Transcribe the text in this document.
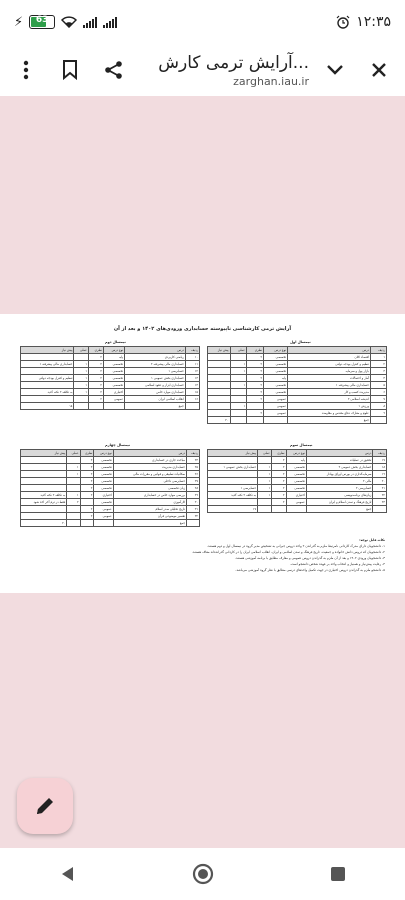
⚡	63	۱۲:۳۵
آرایش ترمی کارش...
zarghan.iau.ir
آرایش ترمی کارشناسی ناپیوسته حسابداری ورودی‌های ۱۴۰۲ و بعد از آن
نیمسال اول
ردیف	درس	نوع درس	نظری	عملی	پیش نیاز
۱	اقتصاد کلان	تخصصی	۲		
۲	تنظیم و کنترل بودجه دولتی	تخصصی	۲	۱	
۳	بازار پول و سرمایه	تخصصی	۲	۱	
۴	آمار و احتمالات	پایه	۲		
۵	حسابداری مالی پیشرفته ۱	تخصصی	۲	۱	
۶	مدیریت کسب و کار	تخصصی	۲		
۷	اندیشه اسلامی ۲	عمومی	۲		
۸	ورزش ۱	عمومی		۱	
۹	علوم و معارف دفاع مقدس و مقاومت	عمومی	۲		
	جمع				۲۰
نیمسال دوم
ردیف	درس	نوع درس	نظری	عملی	پیش نیاز
۱۰	ریاضی کاربردی	پایه	۲		
۱۱	حسابداری مالی پیشرفته ۲	تخصصی	۲	۱	حسابداری مالی پیشرفته ۱
۱۲	حسابرسی ۱	تخصصی	۲	۱	
۱۳	حسابداری بخش عمومی ۱	تخصصی	۲	۱	تنظیم و کنترل بودجه دولتی
۱۴	حسابداری ابزار و عقود اسلامی	تخصصی	۲	۱	
۱۵	حسابداری موارد خاص	اختیاری	۲	۱	به تکلفه ۲ نکته گذید
۱۶	انقلاب اسلامی ایران	عمومی	۲		
	جمع				۱۸
نیمسال سوم
ردیف	درس	نوع درس	نظری	عملی	پیش نیاز
۱۷	تحقیق در عملیات	پایه	۲		
۱۸	حسابداری بخش عمومی ۲	تخصصی	۲	۱	حسابداری بخش عمومی ۱
۱۹	سرمایه‌گذاری در بورس اوراق بهادار	تخصصی	۲	۱	
۲۰	مالی ۲	تخصصی	۲	۱	
۲۱	حسابرسی ۲	تخصصی	۲	۱	حسابرسی ۱
۲۲	زبان‌های برنامه‌نویسی	اختیاری	۲	۱	به تکلفه ۲ نکته گذید
۲۳	تاریخ فرهنگ و تمدن اسلام و ایران	عمومی	۲		
	جمع				۱۷
نیمسال چهارم
ردیف	درس	نوع درس	نظری	عملی	پیش نیاز
۲۴	مباحث جاری در حسابداری	تخصصی	۲		
۲۵	حسابداری مدیریت	تخصصی	۲	۱	
۲۶	سکانیات تطبیقی و قوانین و مقررات مالی	تخصصی	۲	۱	
۲۷	حسابرسی داخلی	تخصصی	۲		
۲۸	زبان تخصصی	تخصصی	۲		
۲۹	بررسی موارد خاص در حسابداری	اختیاری	۲	۱	به تکلفه ۲ نکته گذید
۳۰	کارآموزی	تخصصی		۲	فقط در ترم آخر اخذ شود
۳۱	تاریخ تحلیلی صدر اسلام	عمومی	۲		
۳۲	تفسیر موضوعی قرآن	عمومی	۲		
	جمع				۲۰
نکات قابل توجه:
۱- دانشجویان دارای مدرک کاردانی نامرتبط ملزم به گذراندن ۲ واحد دروس جبرانی به تشخیص مدیر گروه در نیمسال اول و دوم هستند.
۲- دانشجویان که دروس دانش خانواده و جمعیت، تاریخ فرهنگ و تمدن اسلامی و ایران، انقلاب اسلامی ایران را در کاردانی گذرانده‌اند معاف هستند.
۳- دانشجویان ورودی ۱۴۰۲ و بعد از آن ملزم به گذراندن دروس عمومی و معارف مطابق با برنامه آموزشی هستند.
۴- رعایت پیش‌نیاز و همنیاز و انتخاب واحد بر عهده شخص دانشجو است.
۵- دانشجو ملزم به گذراندن دروس اختیاری در جهت تکمیل واحدهای درسی مطابق با نظر گروه آموزشی می‌باشد.
